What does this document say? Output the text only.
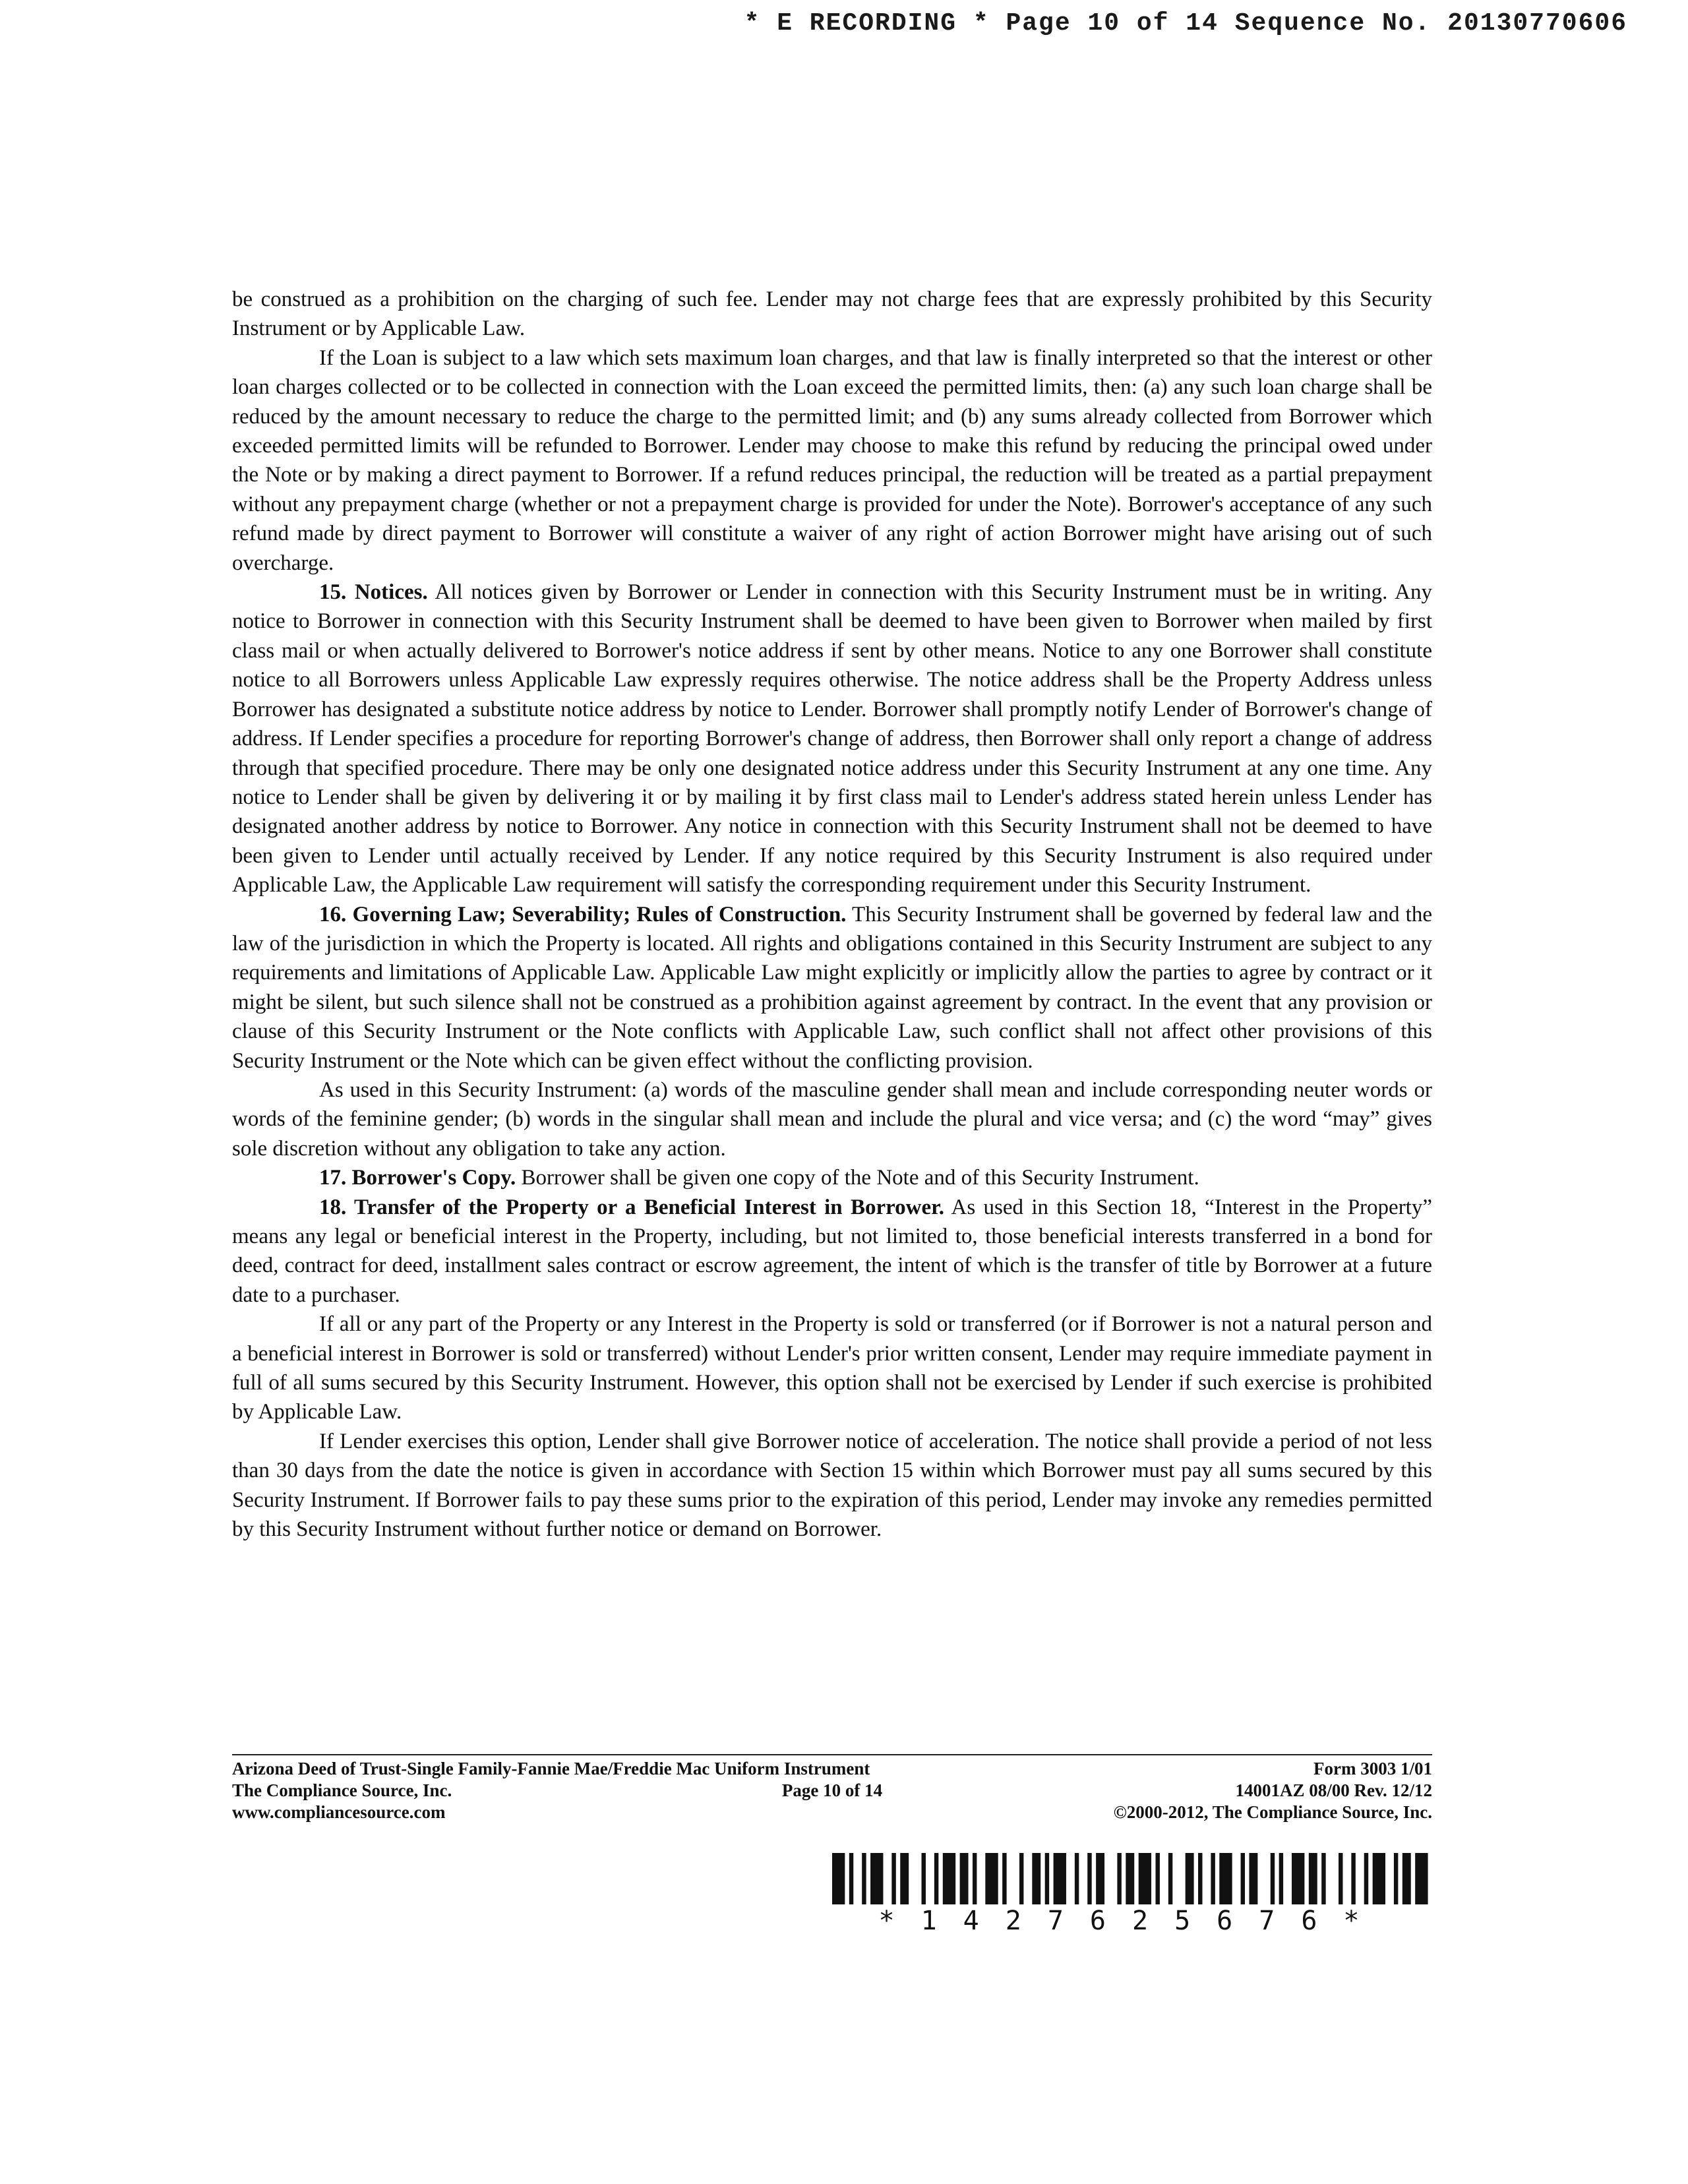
* E RECORDING * Page 10 of 14 Sequence No. 20130770606

be construed as a prohibition on the charging of such fee. Lender may not charge fees that are expressly prohibited by this Security Instrument or by Applicable Law.

If the Loan is subject to a law which sets maximum loan charges, and that law is finally interpreted so that the interest or other loan charges collected or to be collected in connection with the Loan exceed the permitted limits, then: (a) any such loan charge shall be reduced by the amount necessary to reduce the charge to the permitted limit; and (b) any sums already collected from Borrower which exceeded permitted limits will be refunded to Borrower. Lender may choose to make this refund by reducing the principal owed under the Note or by making a direct payment to Borrower. If a refund reduces principal, the reduction will be treated as a partial prepayment without any prepayment charge (whether or not a prepayment charge is provided for under the Note). Borrower's acceptance of any such refund made by direct payment to Borrower will constitute a waiver of any right of action Borrower might have arising out of such overcharge.

15. Notices. All notices given by Borrower or Lender in connection with this Security Instrument must be in writing. Any notice to Borrower in connection with this Security Instrument shall be deemed to have been given to Borrower when mailed by first class mail or when actually delivered to Borrower's notice address if sent by other means. Notice to any one Borrower shall constitute notice to all Borrowers unless Applicable Law expressly requires otherwise. The notice address shall be the Property Address unless Borrower has designated a substitute notice address by notice to Lender. Borrower shall promptly notify Lender of Borrower's change of address. If Lender specifies a procedure for reporting Borrower's change of address, then Borrower shall only report a change of address through that specified procedure. There may be only one designated notice address under this Security Instrument at any one time. Any notice to Lender shall be given by delivering it or by mailing it by first class mail to Lender's address stated herein unless Lender has designated another address by notice to Borrower. Any notice in connection with this Security Instrument shall not be deemed to have been given to Lender until actually received by Lender. If any notice required by this Security Instrument is also required under Applicable Law, the Applicable Law requirement will satisfy the corresponding requirement under this Security Instrument.

16. Governing Law; Severability; Rules of Construction. This Security Instrument shall be governed by federal law and the law of the jurisdiction in which the Property is located. All rights and obligations contained in this Security Instrument are subject to any requirements and limitations of Applicable Law. Applicable Law might explicitly or implicitly allow the parties to agree by contract or it might be silent, but such silence shall not be construed as a prohibition against agreement by contract. In the event that any provision or clause of this Security Instrument or the Note conflicts with Applicable Law, such conflict shall not affect other provisions of this Security Instrument or the Note which can be given effect without the conflicting provision.

As used in this Security Instrument: (a) words of the masculine gender shall mean and include corresponding neuter words or words of the feminine gender; (b) words in the singular shall mean and include the plural and vice versa; and (c) the word “may” gives sole discretion without any obligation to take any action.

17. Borrower's Copy. Borrower shall be given one copy of the Note and of this Security Instrument.

18. Transfer of the Property or a Beneficial Interest in Borrower. As used in this Section 18, “Interest in the Property” means any legal or beneficial interest in the Property, including, but not limited to, those beneficial interests transferred in a bond for deed, contract for deed, installment sales contract or escrow agreement, the intent of which is the transfer of title by Borrower at a future date to a purchaser.

If all or any part of the Property or any Interest in the Property is sold or transferred (or if Borrower is not a natural person and a beneficial interest in Borrower is sold or transferred) without Lender's prior written consent, Lender may require immediate payment in full of all sums secured by this Security Instrument. However, this option shall not be exercised by Lender if such exercise is prohibited by Applicable Law.

If Lender exercises this option, Lender shall give Borrower notice of acceleration. The notice shall provide a period of not less than 30 days from the date the notice is given in accordance with Section 15 within which Borrower must pay all sums secured by this Security Instrument. If Borrower fails to pay these sums prior to the expiration of this period, Lender may invoke any remedies permitted by this Security Instrument without further notice or demand on Borrower.

Arizona Deed of Trust-Single Family-Fannie Mae/Freddie Mac Uniform Instrument	Form 3003 1/01
The Compliance Source, Inc.	Page 10 of 14	14001AZ 08/00 Rev. 12/12
www.compliancesource.com	©2000-2012, The Compliance Source, Inc.
*1427625676*
